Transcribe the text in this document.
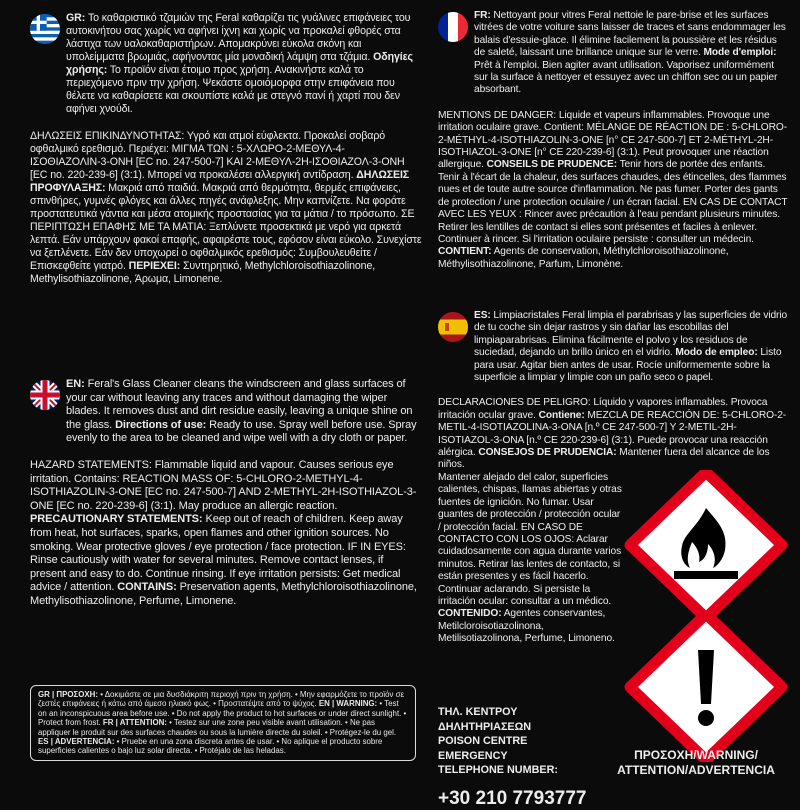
GR: Το καθαριστικό τζαμιών της Feral καθαρίζει τις γυάλινες επιφάνειες του αυτοκινήτου σας χωρίς να αφήνει ίχνη και χωρίς να προκαλεί φθορές στα λάστιχα των υαλοκαθαριστήρων. Απομακρύνει εύκολα σκόνη και υπολείμματα βρωμιάς, αφήνοντας μία μοναδική λάμψη στα τζάμια. Οδηγίες χρήσης: Το προϊόν είναι έτοιμο προς χρήση. Ανακινήστε καλά το περιεχόμενο πριν την χρήση. Ψεκάστε ομοιόμορφα στην επιφάνεια που θέλετε να καθαρίσετε και σκουπίστε καλά με στεγνό πανί ή χαρτί που δεν αφήνει χνούδι.
ΔΗΛΩΣΕΙΣ ΕΠΙΚΙΝΔΥΝΟΤΗΤΑΣ: Υγρό και ατμοί εύφλεκτα. Προκαλεί σοβαρό οφθαλμικό ερεθισμό. Περιέχει: ΜΙΓΜΑ ΤΩΝ : 5-ΧΛΩΡΟ-2-ΜΕΘΥΛ-4-ΙΣΟΘΙΑΖΟΛΙΝ-3-ΟΝΗ [EC no. 247-500-7] ΚΑΙ 2-ΜΕΘΥΛ-2Η-ΙΣΟΘΙΑΖΟΛ-3-ΟΝΗ [EC no. 220-239-6] (3:1). Μπορεί να προκαλέσει αλλεργική αντίδραση. ΔΗΛΩΣΕΙΣ ΠΡΟΦΥΛΑΞΗΣ: Μακριά από παιδιά. Μακριά από θερμότητα, θερμές επιφάνειες, σπινθήρες, γυμνές φλόγες και άλλες πηγές ανάφλεξης. Μην καπνίζετε. Να φοράτε προστατευτικά γάντια και μέσα ατομικής προστασίας για τα μάτια / το πρόσωπο. ΣΕ ΠΕΡΙΠΤΩΣΗ ΕΠΑΦΗΣ ΜΕ ΤΑ ΜΑΤΙΑ: Ξεπλύνετε προσεκτικά με νερό για αρκετά λεπτά. Εάν υπάρχουν φακοί επαφής, αφαιρέστε τους, εφόσον είναι εύκολο. Συνεχίστε να ξεπλένετε. Εάν δεν υποχωρεί ο οφθαλμικός ερεθισμός: Συμβουλευθείτε / Επισκεφθείτε γιατρό. ΠΕΡΙΕΧΕΙ: Συντηρητικό, Methylchloroisothiazolinone, Methylisothiazolinone, Άρωμα, Limonene.
EN: Feral's Glass Cleaner cleans the windscreen and glass surfaces of your car without leaving any traces and without damaging the wiper blades. It removes dust and dirt residue easily, leaving a unique shine on the glass. Directions of use: Ready to use. Spray well before use. Spray evenly to the area to be cleaned and wipe well with a dry cloth or paper.
HAZARD STATEMENTS: Flammable liquid and vapour. Causes serious eye irritation. Contains: REACTION MASS OF: 5-CHLORO-2-METHYL-4-ISOTHIAZOLIN-3-ONE [EC no. 247-500-7] AND 2-METHYL-2H-ISOTHIAZOL-3-ONE [EC no. 220-239-6] (3:1). May produce an allergic reaction. PRECAUTIONARY STATEMENTS: Keep out of reach of children. Keep away from heat, hot surfaces, sparks, open flames and other ignition sources. No smoking. Wear protective gloves / eye protection / face protection. IF IN EYES: Rinse cautiously with water for several minutes. Remove contact lenses, if present and easy to do. Continue rinsing. If eye irritation persists: Get medical advice / attention. CONTAINS: Preservation agents, Methylchloroisothiazolinone, Methylisothiazolinone, Perfume, Limonene.
GR | ΠΡΟΣΟΧΗ: • Δοκιμάστε σε μια δυσδιάκριτη περιοχή πριν τη χρήση. • Μην εφαρμόζετε το προϊόν σε ζεστές επιφάνειες ή κάτω από άμεσο ηλιακό φως. • Προστατέψτε από το ψύχος. EN | WARNING: • Test on an inconspicuous area before use. • Do not apply the product to hot surfaces or under direct sunlight. • Protect from frost. FR | ATTENTION: • Testez sur une zone peu visible avant utilisation. • Ne pas appliquer le produit sur des surfaces chaudes ou sous la lumière directe du soleil. • Protégez-le du gel. ES | ADVERTENCIA: • Pruebe en una zona discreta antes de usar. • No aplique el producto sobre superficies calientes o bajo luz solar directa. • Protéjalo de las heladas.
FR: Nettoyant pour vitres Feral nettoie le pare-brise et les surfaces vitrées de votre voiture sans laisser de traces et sans endommager les balais d'essuie-glace. Il élimine facilement la poussière et les résidus de saleté, laissant une brillance unique sur le verre. Mode d'emploi: Prêt à l'emploi. Bien agiter avant utilisation. Vaporisez uniformément sur la surface à nettoyer et essuyez avec un chiffon sec ou un papier absorbant.
MENTIONS DE DANGER: Liquide et vapeurs inflammables. Provoque une irritation oculaire grave. Contient: MÉLANGE DE RÉACTION DE : 5-CHLORO-2-MÉTHYL-4-ISOTHIAZOLIN-3-ONE [n° CE 247-500-7] ET 2-MÉTHYL-2H-ISOTHIAZOL-3-ONE [n° CE 220-239-6] (3:1). Peut provoquer une réaction allergique. CONSEILS DE PRUDENCE: Tenir hors de portée des enfants. Tenir à l'écart de la chaleur, des surfaces chaudes, des étincelles, des flammes nues et de toute autre source d'inflammation. Ne pas fumer. Porter des gants de protection / une protection oculaire / un écran facial. EN CAS DE CONTACT AVEC LES YEUX : Rincer avec précaution à l'eau pendant plusieurs minutes. Retirer les lentilles de contact si elles sont présentes et faciles à enlever. Continuer à rincer. Si l'irritation oculaire persiste : consulter un médecin. CONTIENT: Agents de conservation, Méthylchloroisothiazolinone, Méthylisothiazolinone, Parfum, Limonène.
ES: Limpiacristales Feral limpia el parabrisas y las superficies de vidrio de tu coche sin dejar rastros y sin dañar las escobillas del limpiaparabrisas. Elimina fácilmente el polvo y los residuos de suciedad, dejando un brillo único en el vidrio. Modo de empleo: Listo para usar. Agitar bien antes de usar. Rocíe uniformemente sobre la superficie a limpiar y limpie con un paño seco o papel.
DECLARACIONES DE PELIGRO: Líquido y vapores inflamables. Provoca irritación ocular grave. Contiene: MEZCLA DE REACCIÓN DE: 5-CHLORO-2-METIL-4-ISOTIAZOLINA-3-ONA [n.º CE 247-500-7] Y 2-METIL-2H-ISOTIAZOL-3-ONA [n.º CE 220-239-6] (3:1). Puede provocar una reacción alérgica. CONSEJOS DE PRUDENCIA: Mantener fuera del alcance de los niños.
Mantener alejado del calor, superficies calientes, chispas, llamas abiertas y otras fuentes de ignición. No fumar. Usar guantes de protección / protección ocular / protección facial. EN CASO DE CONTACTO CON LOS OJOS: Aclarar cuidadosamente con agua durante varios minutos. Retirar las lentes de contacto, si están presentes y es fácil hacerlo. Continuar aclarando. Si persiste la irritación ocular: consultar a un médico. CONTENIDO: Agentes conservantes, Metilcloroisotiazolinona, Metilisotiazolinona, Perfume, Limoneno.
ΤΗΛ. ΚΕΝΤΡΟΥ ΔΗΛΗΤΗΡΙΑΣΕΩΝ
POISON CENTRE EMERGENCY
TELEPHONE NUMBER:
+30 210 7793777
ΠΡΟΣΟΧΗ/WARNING/
ATTENTION/ADVERTENCIA
